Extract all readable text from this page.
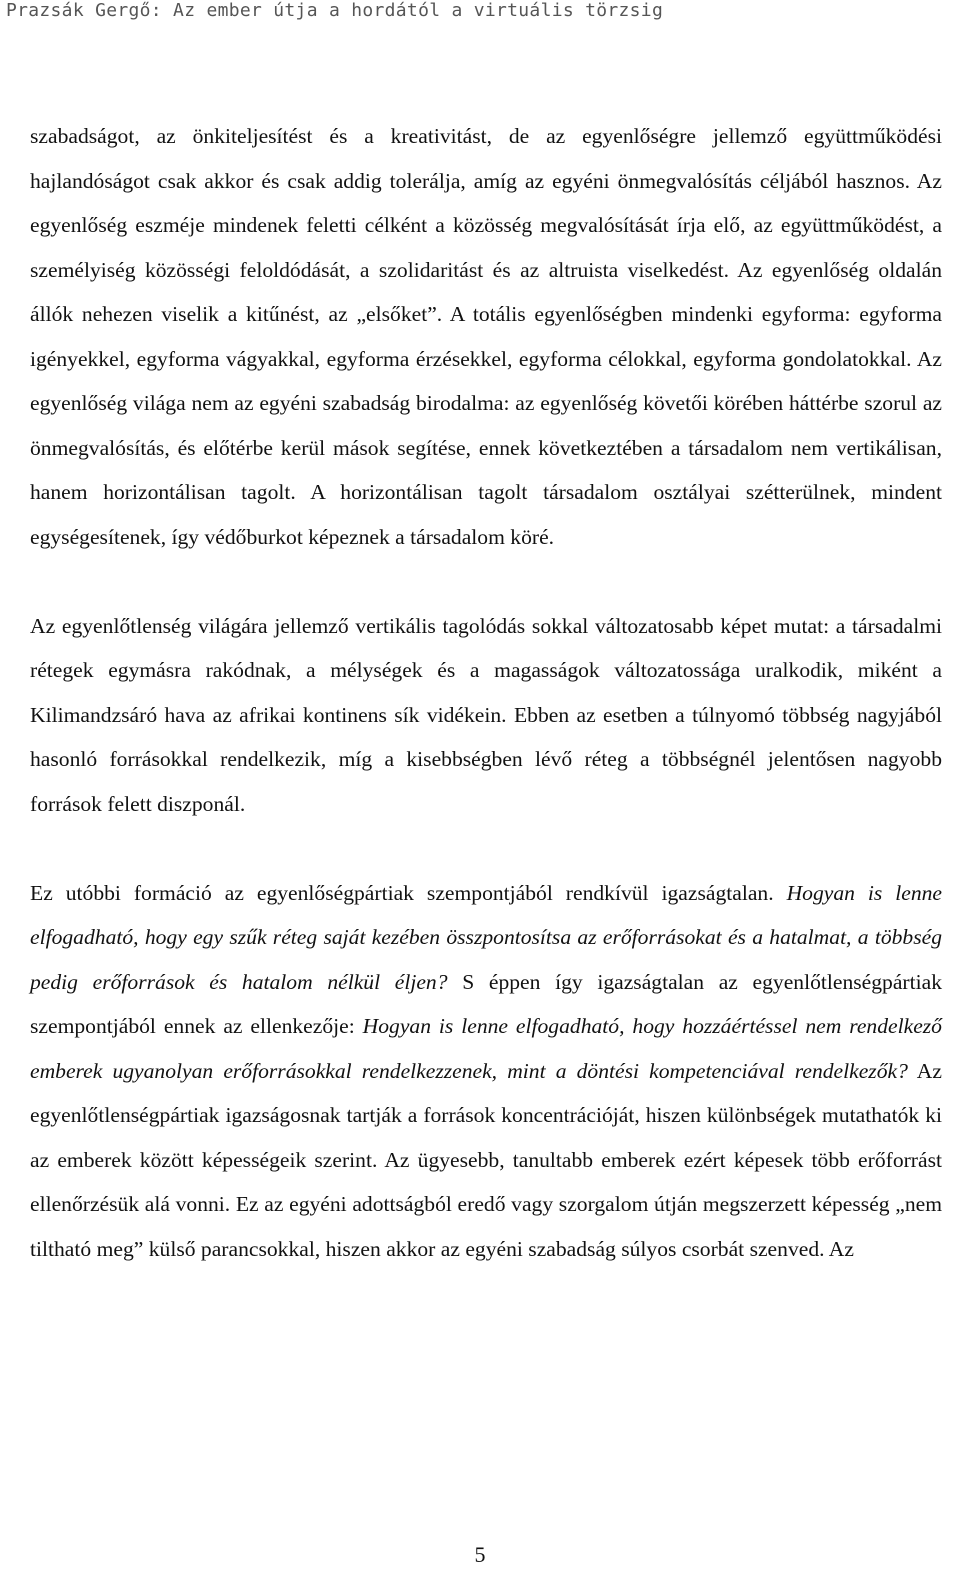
Prazsák Gergő: Az ember útja a hordától a virtuális törzsig

szabadságot, az önkiteljesítést és a kreativitást, de az egyenlőségre jellemző együttműködési hajlandóságot csak akkor és csak addig tolerálja, amíg az egyéni önmegvalósítás céljából hasznos. Az egyenlőség eszméje mindenek feletti célként a közösség megvalósítását írja elő, az együttműködést, a személyiség közösségi feloldódását, a szolidaritást és az altruista viselkedést. Az egyenlőség oldalán állók nehezen viselik a kitűnést, az „elsőket”. A totális egyenlőségben mindenki egyforma: egyforma igényekkel, egyforma vágyakkal, egyforma érzésekkel, egyforma célokkal, egyforma gondolatokkal. Az egyenlőség világa nem az egyéni szabadság birodalma: az egyenlőség követői körében háttérbe szorul az önmegvalósítás, és előtérbe kerül mások segítése, ennek következtében a társadalom nem vertikálisan, hanem horizontálisan tagolt. A horizontálisan tagolt társadalom osztályai szétterülnek, mindent egységesítenek, így védőburkot képeznek a társadalom köré.

Az egyenlőtlenség világára jellemző vertikális tagolódás sokkal változatosabb képet mutat: a társadalmi rétegek egymásra rakódnak, a mélységek és a magasságok változatossága uralkodik, miként a Kilimandzsáró hava az afrikai kontinens sík vidékein. Ebben az esetben a túlnyomó többség nagyjából hasonló forrásokkal rendelkezik, míg a kisebbségben lévő réteg a többségnél jelentősen nagyobb források felett diszponál.

Ez utóbbi formáció az egyenlőségpártiak szempontjából rendkívül igazságtalan. Hogyan is lenne elfogadható, hogy egy szűk réteg saját kezében összpontosítsa az erőforrásokat és a hatalmat, a többség pedig erőforrások és hatalom nélkül éljen? S éppen így igazságtalan az egyenlőtlenségpártiak szempontjából ennek az ellenkezője: Hogyan is lenne elfogadható, hogy hozzáértéssel nem rendelkező emberek ugyanolyan erőforrásokkal rendelkezzenek, mint a döntési kompetenciával rendelkezők? Az egyenlőtlenségpártiak igazságosnak tartják a források koncentrációját, hiszen különbségek mutathatók ki az emberek között képességeik szerint. Az ügyesebb, tanultabb emberek ezért képesek több erőforrást ellenőrzésük alá vonni. Ez az egyéni adottságból eredő vagy szorgalom útján megszerzett képesség „nem tiltható meg” külső parancsokkal, hiszen akkor az egyéni szabadság súlyos csorbát szenved. Az

5
